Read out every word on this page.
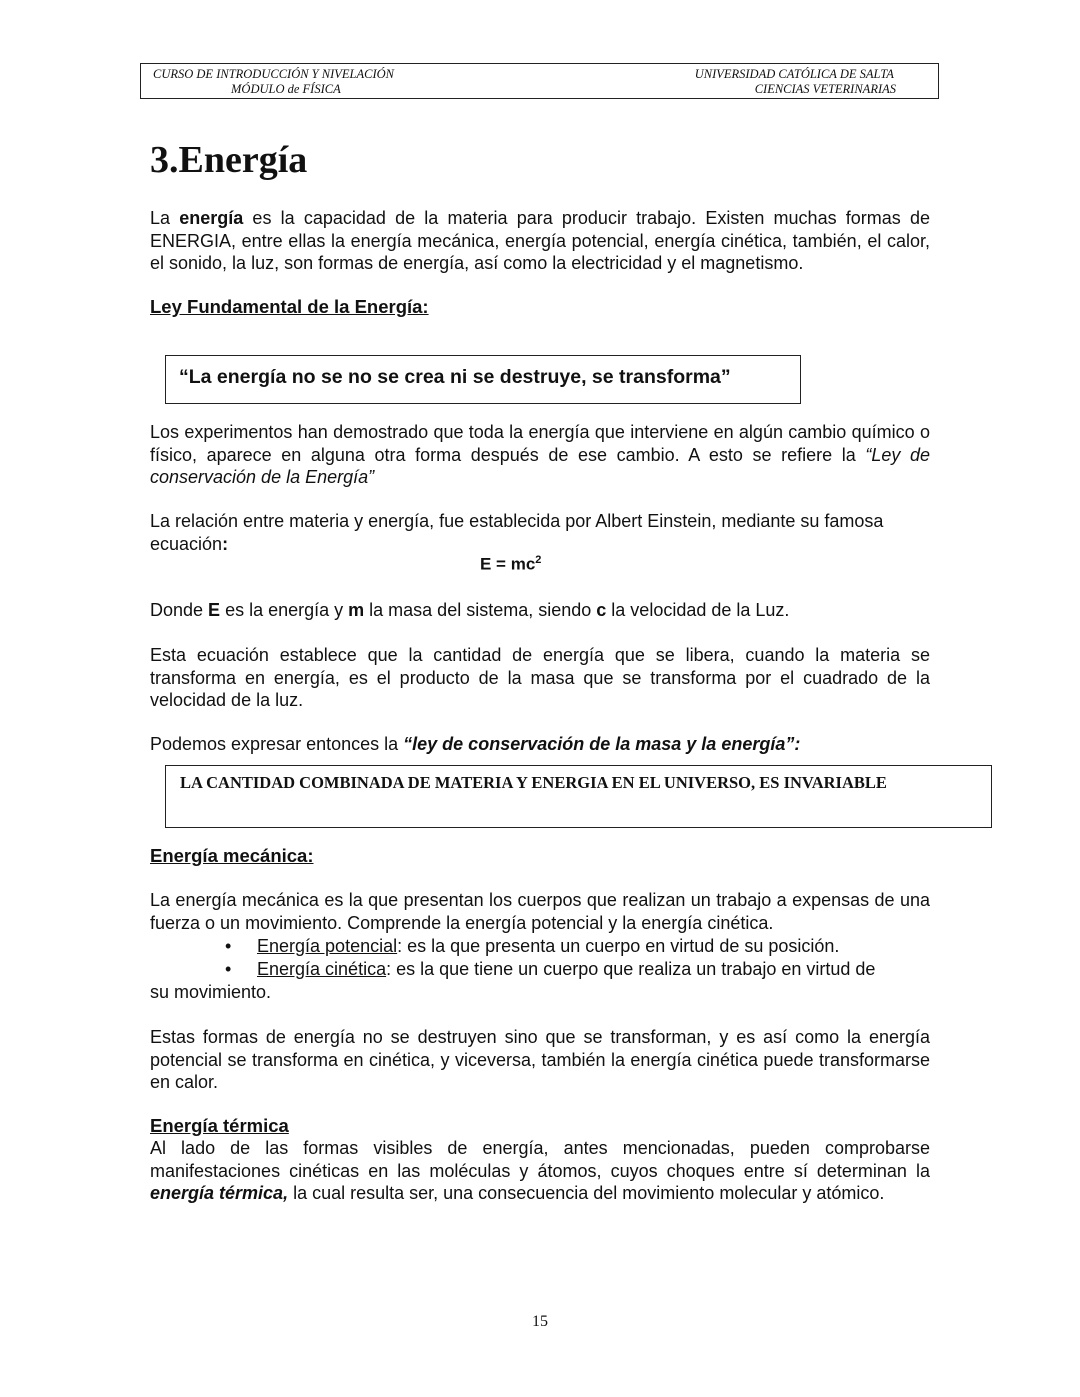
CURSO DE INTRODUCCIÓN Y NIVELACIÓN
MÓDULO de FÍSICA
UNIVERSIDAD CATÓLICA DE SALTA
CIENCIAS VETERINARIAS
3.Energía

La energía es la capacidad de la materia para producir trabajo. Existen muchas formas de ENERGIA, entre ellas la energía mecánica, energía potencial, energía cinética, también, el calor, el sonido, la luz, son formas de energía, así como la electricidad y el magnetismo.

Ley Fundamental de la Energía:

“La energía no se no se crea ni se destruye, se transforma”

Los experimentos han demostrado que toda la energía que interviene en algún cambio químico o físico, aparece en alguna otra forma después de ese cambio. A esto se refiere la “Ley de conservación de la Energía”

La relación entre materia y energía, fue establecida por Albert Einstein, mediante su famosa ecuación:

$E = mc^2$

Donde E es la energía y m la masa del sistema, siendo c la velocidad de la Luz.

Esta ecuación establece que la cantidad de energía que se libera, cuando la materia se transforma en energía, es el producto de la masa que se transforma por el cuadrado de la velocidad de la luz.

Podemos expresar entonces la “ley de conservación de la masa y la energía”:

LA CANTIDAD COMBINADA DE MATERIA Y ENERGIA EN EL UNIVERSO, ES INVARIABLE

Energía mecánica:

La energía mecánica es la que presentan los cuerpos que realizan un trabajo a expensas de una fuerza o un movimiento. Comprende la energía potencial y la energía cinética.

• Energía potencial: es la que presenta un cuerpo en virtud de su posición.
• Energía cinética: es la que tiene un cuerpo que realiza un trabajo en virtud de

su movimiento.

Estas formas de energía no se destruyen sino que se transforman, y es así como la energía potencial se transforma en cinética, y viceversa, también la energía cinética puede transformarse en calor.

Energía térmica

Al lado de las formas visibles de energía, antes mencionadas, pueden comprobarse manifestaciones cinéticas en las moléculas y átomos, cuyos choques entre sí determinan la energía térmica, la cual resulta ser, una consecuencia del movimiento molecular y atómico.

15
